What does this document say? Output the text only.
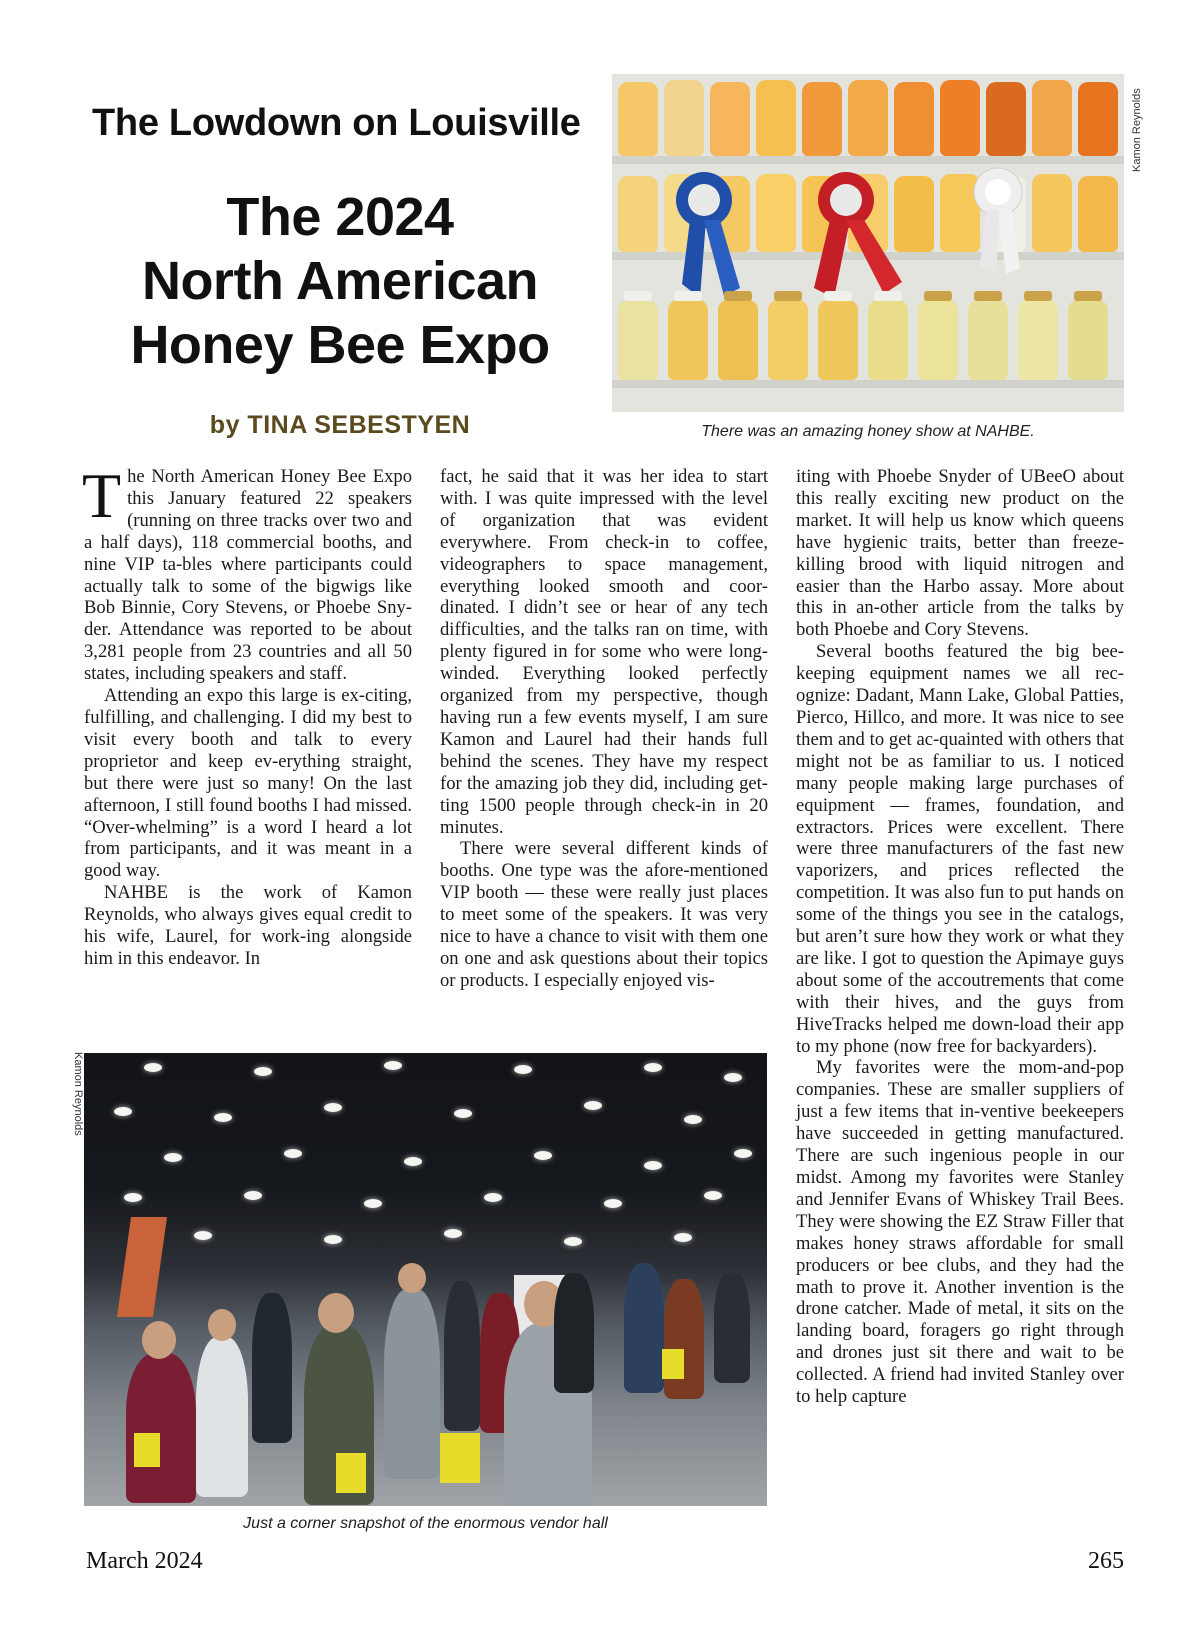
The Lowdown on Louisville
The 2024
North American
Honey Bee Expo
by TINA SEBESTYEN
Kamon Reynolds
There was an amazing honey show at NAHBE.

The North American Honey Bee Expo this January featured 22 speakers (running on three tracks over two and a half days), 118 commercial booths, and nine VIP ta-bles where participants could actually talk to some of the bigwigs like Bob Binnie, Cory Stevens, or Phoebe Sny-der. Attendance was reported to be about 3,281 people from 23 countries and all 50 states, including speakers and staff.

Attending an expo this large is ex-citing, fulfilling, and challenging. I did my best to visit every booth and talk to every proprietor and keep ev-erything straight, but there were just so many! On the last afternoon, I still found booths I had missed. “Over-whelming” is a word I heard a lot from participants, and it was meant in a good way.

NAHBE is the work of Kamon Reynolds, who always gives equal credit to his wife, Laurel, for work-ing alongside him in this endeavor. In

fact, he said that it was her idea to start with. I was quite impressed with the level of organization that was evident everywhere. From check-in to coffee, videographers to space management, everything looked smooth and coor-dinated. I didn’t see or hear of any tech difficulties, and the talks ran on time, with plenty figured in for some who were long-winded. Everything looked perfectly organized from my perspective, though having run a few events myself, I am sure Kamon and Laurel had their hands full behind the scenes. They have my respect for the amazing job they did, including get-ting 1500 people through check-in in 20 minutes.

There were several different kinds of booths. One type was the afore-mentioned VIP booth — these were really just places to meet some of the speakers. It was very nice to have a chance to visit with them one on one and ask questions about their topics or products. I especially enjoyed vis-

iting with Phoebe Snyder of UBeeO about this really exciting new product on the market. It will help us know which queens have hygienic traits, better than freeze-killing brood with liquid nitrogen and easier than the Harbo assay. More about this in an-other article from the talks by both Phoebe and Cory Stevens.

Several booths featured the big bee-keeping equipment names we all rec-ognize: Dadant, Mann Lake, Global Patties, Pierco, Hillco, and more. It was nice to see them and to get ac-quainted with others that might not be as familiar to us. I noticed many people making large purchases of equipment — frames, foundation, and extractors. Prices were excellent. There were three manufacturers of the fast new vaporizers, and prices reflected the competition. It was also fun to put hands on some of the things you see in the catalogs, but aren’t sure how they work or what they are like. I got to question the Apimaye guys about some of the accoutrements that come with their hives, and the guys from HiveTracks helped me down-load their app to my phone (now free for backyarders).

My favorites were the mom-and-pop companies. These are smaller suppliers of just a few items that in-ventive beekeepers have succeeded in getting manufactured. There are such ingenious people in our midst. Among my favorites were Stanley and Jennifer Evans of Whiskey Trail Bees. They were showing the EZ Straw Filler that makes honey straws affordable for small producers or bee clubs, and they had the math to prove it. Another invention is the drone catcher. Made of metal, it sits on the landing board, foragers go right through and drones just sit there and wait to be collected. A friend had invited Stanley over to help capture

Kamon Reynolds
Just a corner snapshot of the enormous vendor hall
March 2024	265
